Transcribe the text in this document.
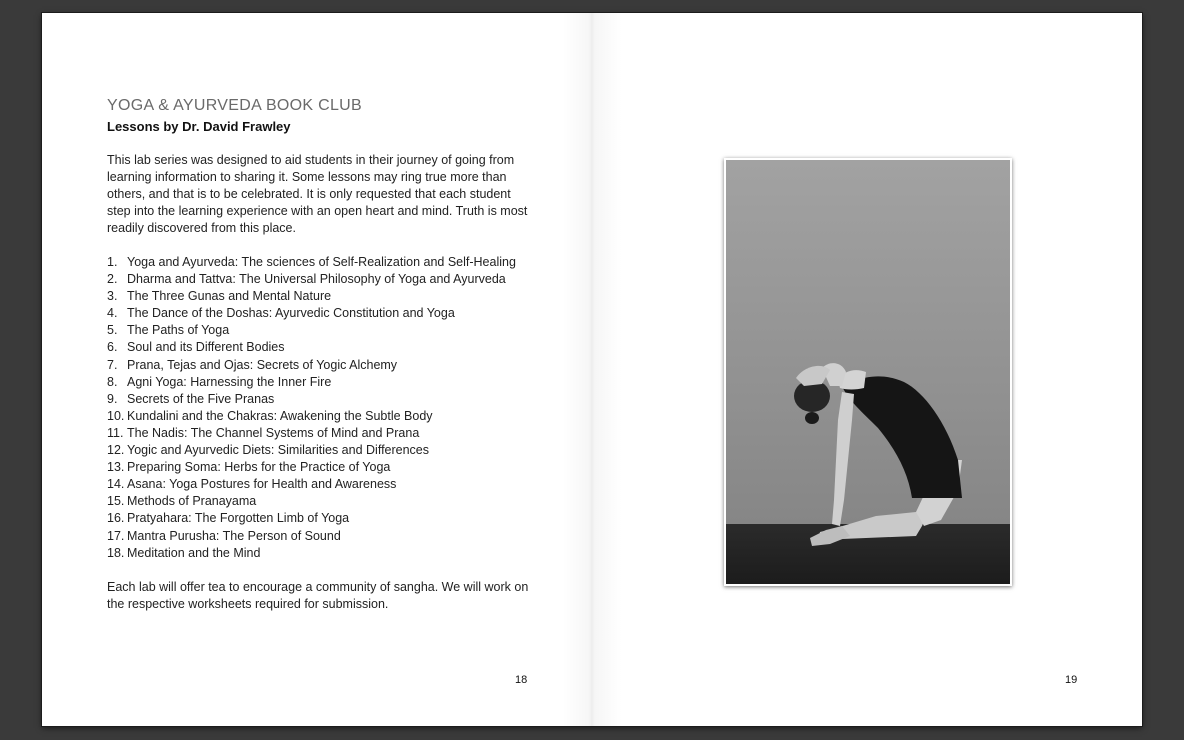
YOGA & AYURVEDA BOOK CLUB
Lessons by Dr. David Frawley

This lab series was designed to aid students in their journey of going from learning information to sharing it. Some lessons may ring true more than others, and that is to be celebrated. It is only requested that each student step into the learning experience with an open heart and mind. Truth is most readily discovered from this place.

1. Yoga and Ayurveda: The sciences of Self-Realization and Self-Healing
2. Dharma and Tattva: The Universal Philosophy of Yoga and Ayurveda
3. The Three Gunas and Mental Nature
4. The Dance of the Doshas: Ayurvedic Constitution and Yoga
5. The Paths of Yoga
6. Soul and its Different Bodies
7. Prana, Tejas and Ojas: Secrets of Yogic Alchemy
8. Agni Yoga: Harnessing the Inner Fire
9. Secrets of the Five Pranas
10. Kundalini and the Chakras: Awakening the Subtle Body
11. The Nadis: The Channel Systems of Mind and Prana
12. Yogic and Ayurvedic Diets: Similarities and Differences
13. Preparing Soma: Herbs for the Practice of Yoga
14. Asana: Yoga Postures for Health and Awareness
15. Methods of Pranayama
16. Pratyahara: The Forgotten Limb of Yoga
17. Mantra Purusha: The Person of Sound
18. Meditation and the Mind

Each lab will offer tea to encourage a community of sangha. We will work on the respective worksheets required for submission.

18	19
